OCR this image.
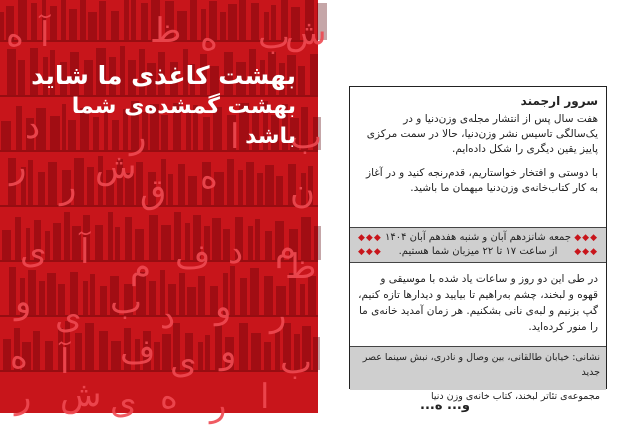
ه آ	ظ ه ب
ش
ر ر ش
ق ه
ی آ م ف د م
و ی ب د و ر
ه آ ف ی و ب
ر ش ی ه ر ا
ب
ن
د	ا
ر
ظ
بهشت کاغذی ما شاید
بهشت گمشده‌ی شما باشد
سرور ارجمند

هفت سال پس از انتشار مجله‌ی وزن‌دنیا و در یک‌سالگی تاسیس نشر وزن‌دنیا، حالا در سمت مرکزی پاییز یقین دیگری را شکل داده‌ایم.

با دوستی و افتخار خواستاریم، قدم‌رنجه کنید و در آغاز به کار کتاب‌خانه‌ی وزن‌دنیا میهمان ما باشید.

◆◆◆
جمعه شانزدهم آبان و شنبه هفدهم آبان ۱۴۰۴
◆◆◆
◆◆◆
از ساعت ۱۷ تا ۲۲ میزبان شما هستیم.
◆◆◆

در طی این دو روز و ساعات یاد شده با موسیقی و قهوه و لبخند، چشم به‌راهیم تا بیایید و دیدارها تازه کنیم، گپ بزنیم و لبه‌ی نانی بشکنیم. هر زمان آمدید خانه‌ی ما را منور کرده‌اید.

نشانی: خیابان طالقانی، بین وصال و نادری، نبش سینما عصر جدید

مجموعه‌ی تئاتر لبخند، کتاب خانه‌ی وزن دنیا

و... ه...
